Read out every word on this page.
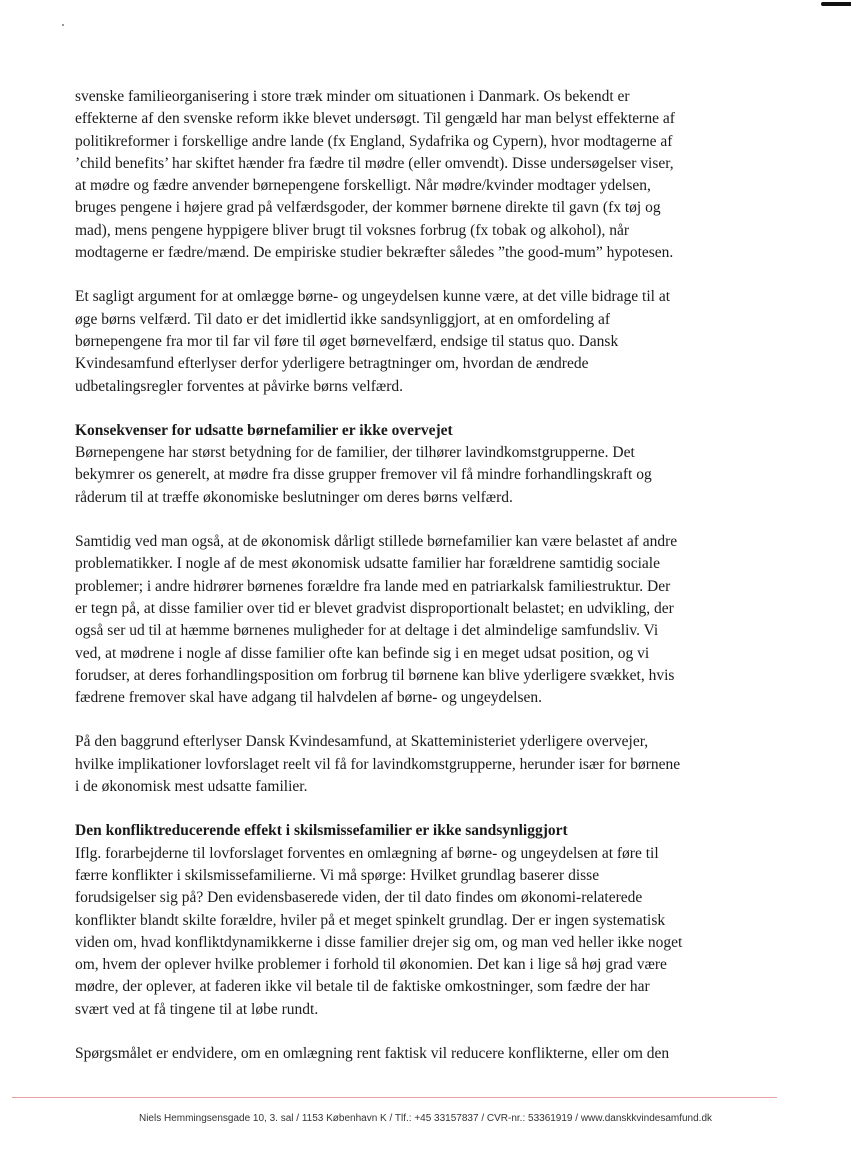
svenske familieorganisering i store træk minder om situationen i Danmark. Os bekendt er
effekterne af den svenske reform ikke blevet undersøgt. Til gengæld har man belyst effekterne af
politikreformer i forskellige andre lande (fx England, Sydafrika og Cypern), hvor modtagerne af
’child benefits’ har skiftet hænder fra fædre til mødre (eller omvendt). Disse undersøgelser viser,
at mødre og fædre anvender børnepengene forskelligt. Når mødre/kvinder modtager ydelsen,
bruges pengene i højere grad på velfærdsgoder, der kommer børnene direkte til gavn (fx tøj og
mad), mens pengene hyppigere bliver brugt til voksnes forbrug (fx tobak og alkohol), når
modtagerne er fædre/mænd. De empiriske studier bekræfter således ”the good-mum” hypotesen.
Et sagligt argument for at omlægge børne- og ungeydelsen kunne være, at det ville bidrage til at
øge børns velfærd. Til dato er det imidlertid ikke sandsynliggjort, at en omfordeling af
børnepengene fra mor til far vil føre til øget børnevelfærd, endsige til status quo. Dansk
Kvindesamfund efterlyser derfor yderligere betragtninger om, hvordan de ændrede
udbetalingsregler forventes at påvirke børns velfærd.
Konsekvenser for udsatte børnefamilier er ikke overvejet
Børnepengene har størst betydning for de familier, der tilhører lavindkomstgrupperne. Det
bekymrer os generelt, at mødre fra disse grupper fremover vil få mindre forhandlingskraft og
råderum til at træffe økonomiske beslutninger om deres børns velfærd.
Samtidig ved man også, at de økonomisk dårligt stillede børnefamilier kan være belastet af andre
problematikker. I nogle af de mest økonomisk udsatte familier har forældrene samtidig sociale
problemer; i andre hidrører børnenes forældre fra lande med en patriarkalsk familiestruktur. Der
er tegn på, at disse familier over tid er blevet gradvist disproportionalt belastet; en udvikling, der
også ser ud til at hæmme børnenes muligheder for at deltage i det almindelige samfundsliv. Vi
ved, at mødrene i nogle af disse familier ofte kan befinde sig i en meget udsat position, og vi
forudser, at deres forhandlingsposition om forbrug til børnene kan blive yderligere svækket, hvis
fædrene fremover skal have adgang til halvdelen af børne- og ungeydelsen.
På den baggrund efterlyser Dansk Kvindesamfund, at Skatteministeriet yderligere overvejer,
hvilke implikationer lovforslaget reelt vil få for lavindkomstgrupperne, herunder især for børnene
i de økonomisk mest udsatte familier.
Den konfliktreducerende effekt i skilsmissefamilier er ikke sandsynliggjort
Iflg. forarbejderne til lovforslaget forventes en omlægning af børne- og ungeydelsen at føre til
færre konflikter i skilsmissefamilierne. Vi må spørge: Hvilket grundlag baserer disse
forudsigelser sig på? Den evidensbaserede viden, der til dato findes om økonomi-relaterede
konflikter blandt skilte forældre, hviler på et meget spinkelt grundlag. Der er ingen systematisk
viden om, hvad konfliktdynamikkerne i disse familier drejer sig om, og man ved heller ikke noget
om, hvem der oplever hvilke problemer i forhold til økonomien. Det kan i lige så høj grad være
mødre, der oplever, at faderen ikke vil betale til de faktiske omkostninger, som fædre der har
svært ved at få tingene til at løbe rundt.
Spørgsmålet er endvidere, om en omlægning rent faktisk vil reducere konflikterne, eller om den
Niels Hemmingsensgade 10, 3. sal / 1153 København K / Tlf.: +45 33157837 / CVR-nr.: 53361919 / www.danskkvindesamfund.dk
